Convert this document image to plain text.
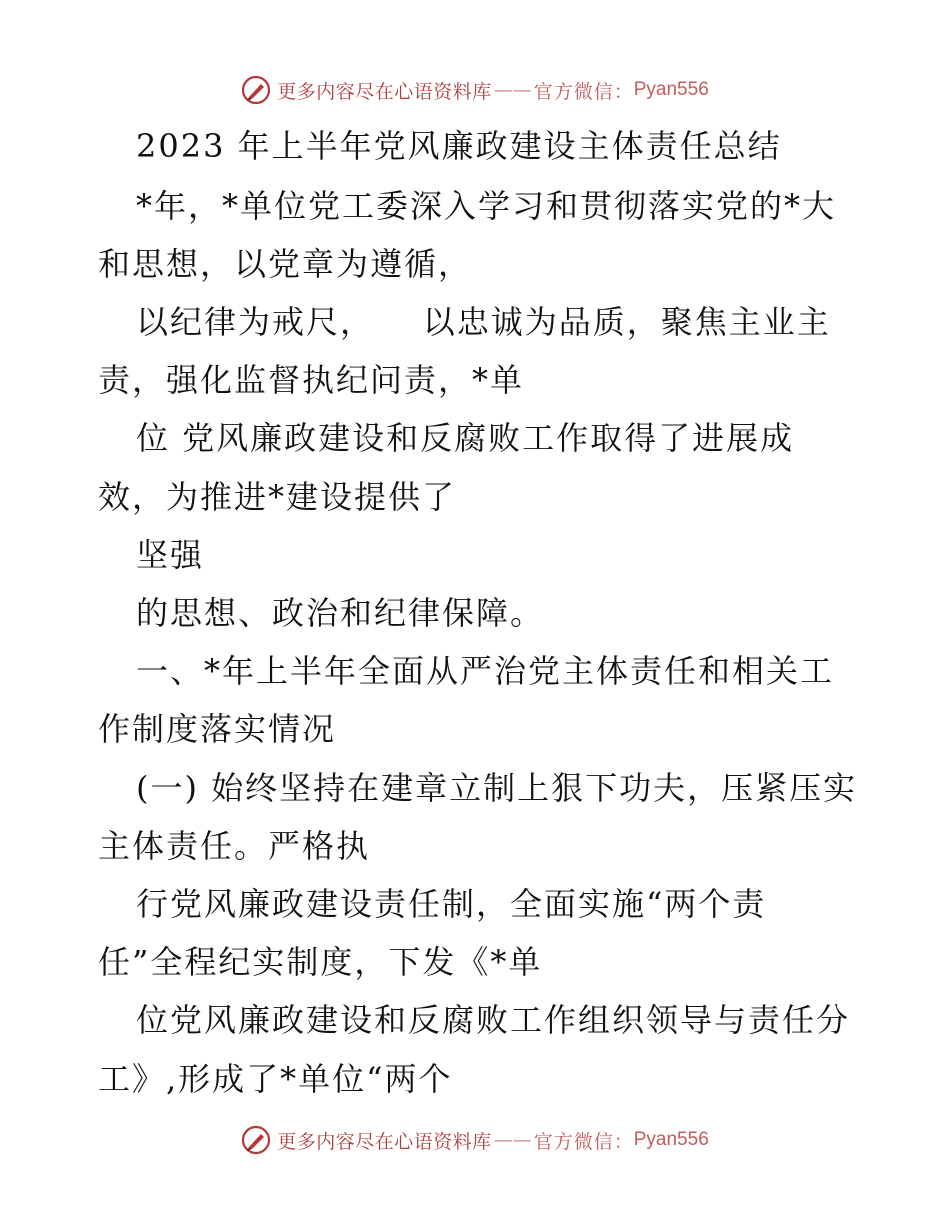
更多内容尽在心语资料库 —— 官方微信： Pyan556
2023 年上半年党风廉政建设主体责任总结
*年，*单位党工委深入学习和贯彻落实党的*大
和思想，以党章为遵循，
以纪律为戒尺，    以忠诚为品质，聚焦主业主
责，强化监督执纪问责，*单
位 党风廉政建设和反腐败工作取得了进展成
效，为推进*建设提供了
坚强
的思想、政治和纪律保障。
一、*年上半年全面从严治党主体责任和相关工
作制度落实情况
(一) 始终坚持在建章立制上狠下功夫，压紧压实
主体责任。严格执
行党风廉政建设责任制，全面实施“两个责
任”全程纪实制度，下发《*单
位党风廉政建设和反腐败工作组织领导与责任分
工》,形成了*单位“两个
更多内容尽在心语资料库 —— 官方微信： Pyan556
